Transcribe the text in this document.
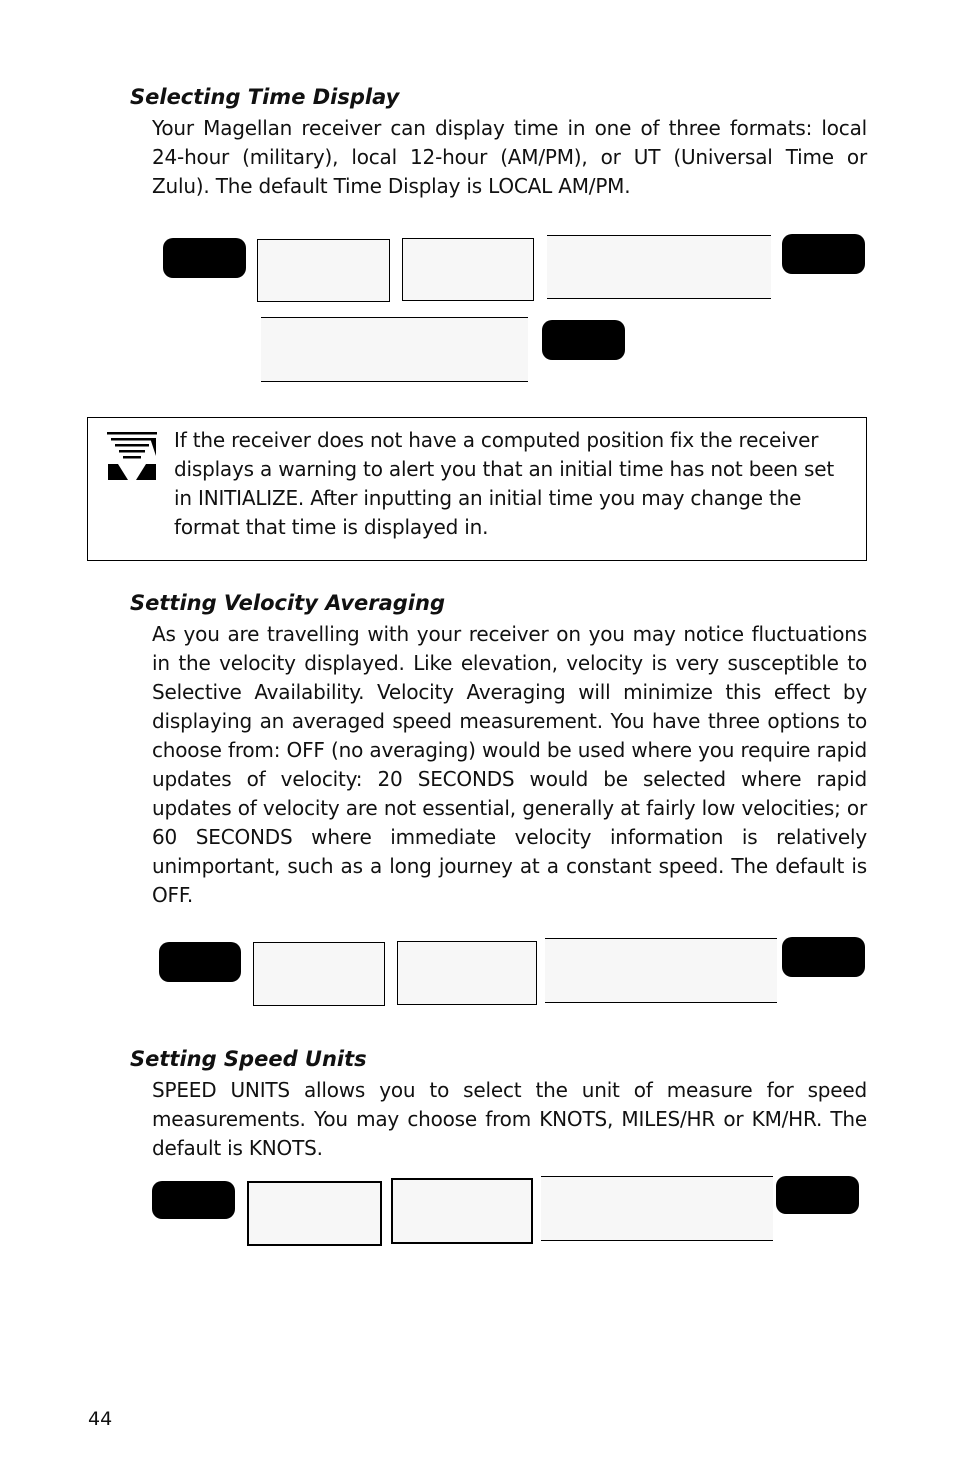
Selecting Time Display

Your Magellan receiver can display time in one of three formats: local 24-hour (military), local 12-hour (AM/PM), or UT (Universal Time or Zulu). The default Time Display is LOCAL AM/PM.

If the receiver does not have a computed position fix the receiver displays a warning to alert you that an initial time has not been set in INITIALIZE. After inputting an initial time you may change the format that time is displayed in.

Setting Velocity Averaging

As you are travelling with your receiver on you may notice fluctuations in the velocity displayed. Like elevation, velocity is very susceptible to Selective Availability. Velocity Averaging will minimize this effect by displaying an averaged speed measurement. You have three options to choose from: OFF (no averaging) would be used where you require rapid updates of velocity: 20 SECONDS would be selected where rapid updates of velocity are not essential, generally at fairly low velocities; or 60 SECONDS where immediate velocity information is relatively unimportant, such as a long journey at a constant speed. The default is OFF.

Setting Speed Units

SPEED UNITS allows you to select the unit of measure for speed measurements. You may choose from KNOTS, MILES/HR or KM/HR. The default is KNOTS.

44
